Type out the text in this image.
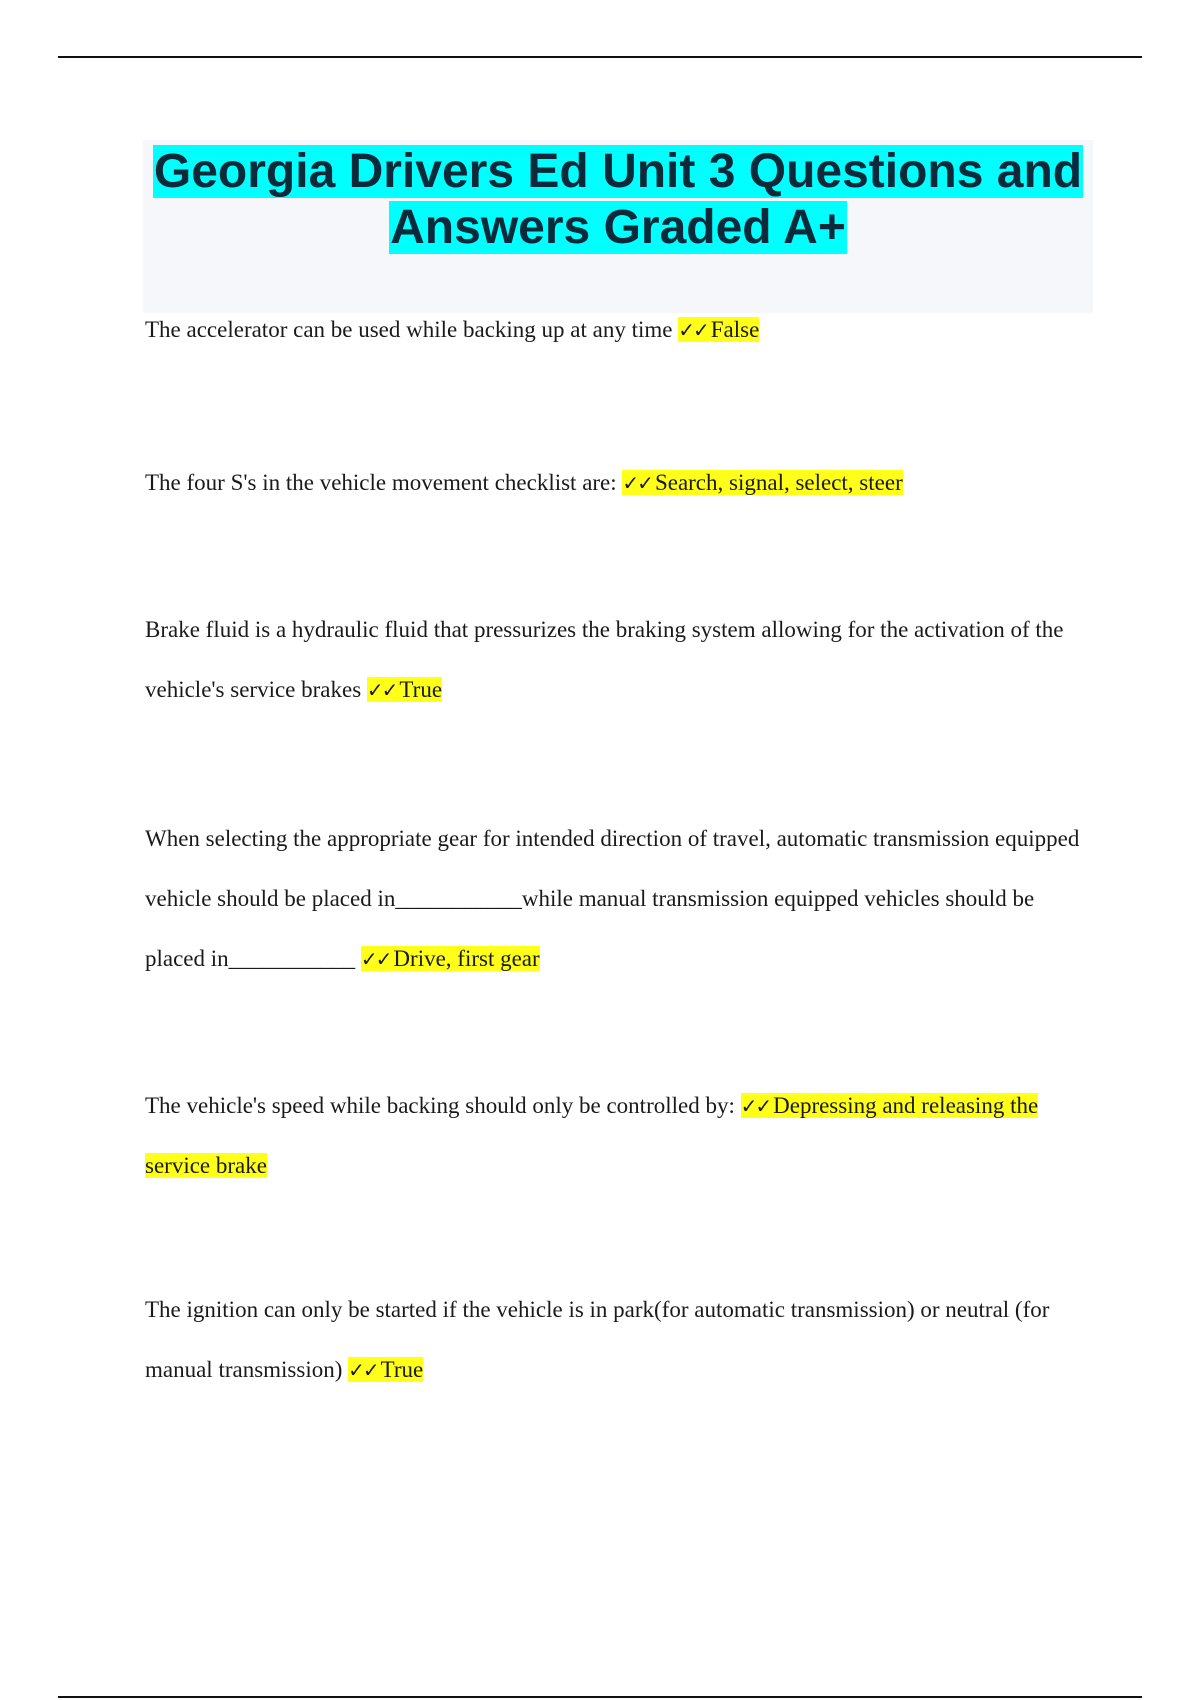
Georgia Drivers Ed Unit 3 Questions and Answers Graded A+

The accelerator can be used while backing up at any time ✓✓ False

The four S's in the vehicle movement checklist are: ✓✓ Search, signal, select, steer

Brake fluid is a hydraulic fluid that pressurizes the braking system allowing for the activation of the vehicle's service brakes ✓✓ True

When selecting the appropriate gear for intended direction of travel, automatic transmission equipped vehicle should be placed in___________while manual transmission equipped vehicles should be placed in___________ ✓✓ Drive, first gear

The vehicle's speed while backing should only be controlled by: ✓✓ Depressing and releasing the service brake

The ignition can only be started if the vehicle is in park(for automatic transmission) or neutral (for manual transmission) ✓✓ True
